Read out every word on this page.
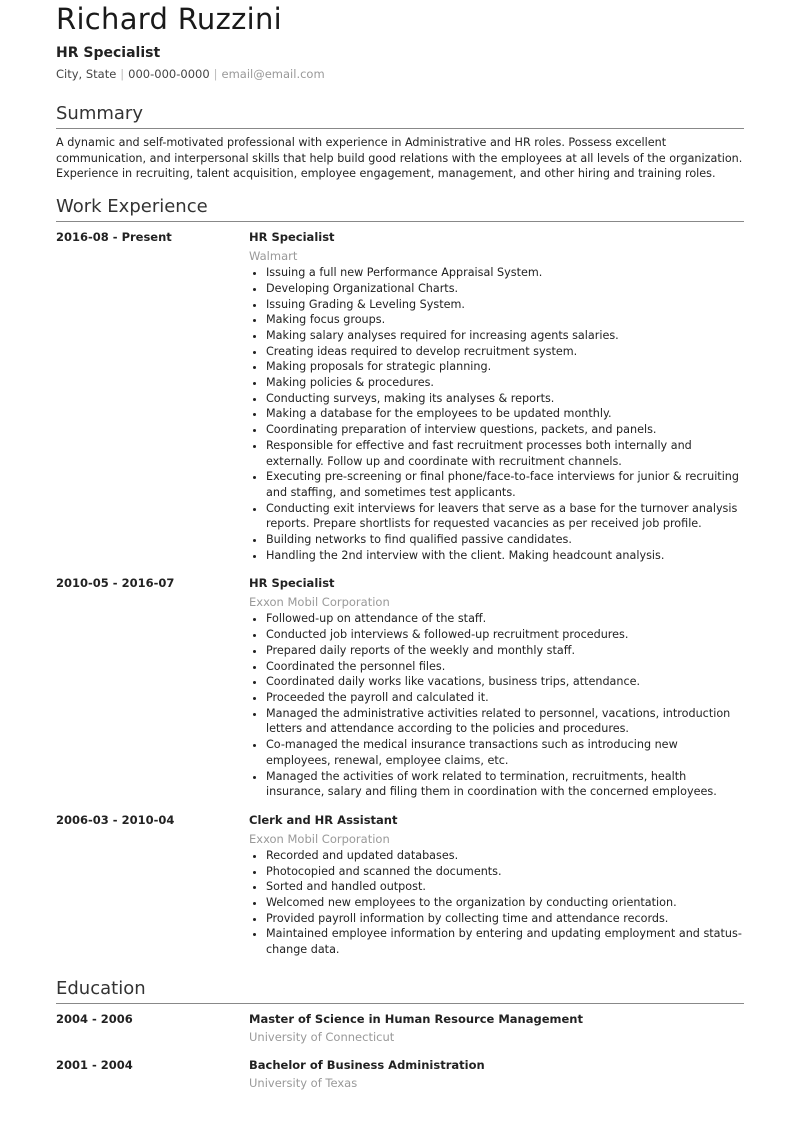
Richard Ruzzini
HR Specialist
City, State | 000-000-0000 | email@email.com
Summary
A dynamic and self-motivated professional with experience in Administrative and HR roles. Possess excellent communication, and interpersonal skills that help build good relations with the employees at all levels of the organization. Experience in recruiting, talent acquisition, employee engagement, management, and other hiring and training roles.
Work Experience
2016-08 - Present	HR Specialist
Walmart
• Issuing a full new Performance Appraisal System.
• Developing Organizational Charts.
• Issuing Grading & Leveling System.
• Making focus groups.
• Making salary analyses required for increasing agents salaries.
• Creating ideas required to develop recruitment system.
• Making proposals for strategic planning.
• Making policies & procedures.
• Conducting surveys, making its analyses & reports.
• Making a database for the employees to be updated monthly.
• Coordinating preparation of interview questions, packets, and panels.
• Responsible for effective and fast recruitment processes both internally and externally. Follow up and coordinate with recruitment channels.
• Executing pre-screening or final phone/face-to-face interviews for junior & recruiting and staffing, and sometimes test applicants.
• Conducting exit interviews for leavers that serve as a base for the turnover analysis reports. Prepare shortlists for requested vacancies as per received job profile.
• Building networks to find qualified passive candidates.
• Handling the 2nd interview with the client. Making headcount analysis.
2010-05 - 2016-07	HR Specialist
Exxon Mobil Corporation
• Followed-up on attendance of the staff.
• Conducted job interviews & followed-up recruitment procedures.
• Prepared daily reports of the weekly and monthly staff.
• Coordinated the personnel files.
• Coordinated daily works like vacations, business trips, attendance.
• Proceeded the payroll and calculated it.
• Managed the administrative activities related to personnel, vacations, introduction letters and attendance according to the policies and procedures.
• Co-managed the medical insurance transactions such as introducing new employees, renewal, employee claims, etc.
• Managed the activities of work related to termination, recruitments, health insurance, salary and filing them in coordination with the concerned employees.
2006-03 - 2010-04	Clerk and HR Assistant
Exxon Mobil Corporation
• Recorded and updated databases.
• Photocopied and scanned the documents.
• Sorted and handled outpost.
• Welcomed new employees to the organization by conducting orientation.
• Provided payroll information by collecting time and attendance records.
• Maintained employee information by entering and updating employment and status-change data.
Education
2004 - 2006	Master of Science in Human Resource Management
University of Connecticut
2001 - 2004	Bachelor of Business Administration
University of Texas
